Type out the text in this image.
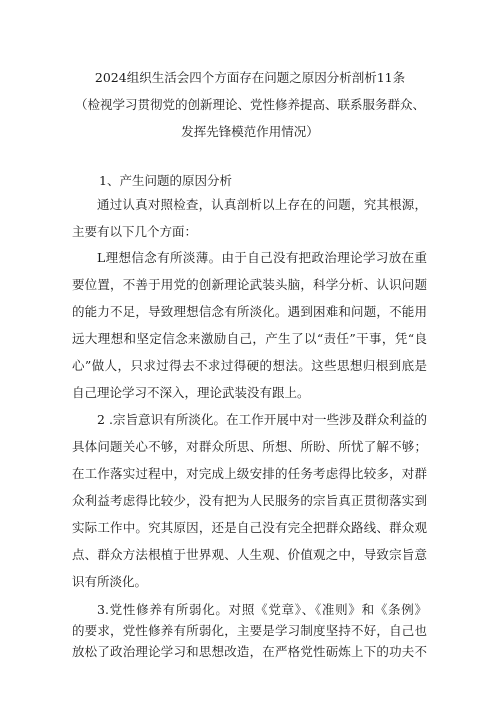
2024组织生活会四个方面存在问题之原因分析剖析11条
（检视学习贯彻党的创新理论、党性修养提高、联系服务群众、
发挥先锋模范作用情况）
1、产生问题的原因分析
通过认真对照检查，认真剖析以上存在的问题，究其根源，
主要有以下几个方面：
L理想信念有所淡薄。由于自己没有把政治理论学习放在重
要位置，不善于用党的创新理论武装头脑，科学分析、认识问题
的能力不足，导致理想信念有所淡化。遇到困难和问题，不能用
远大理想和坚定信念来激励自己，产生了以“责任”干事，凭“良
心”做人，只求过得去不求过得硬的想法。这些思想归根到底是
自己理论学习不深入，理论武装没有跟上。
2 .宗旨意识有所淡化。在工作开展中对一些涉及群众利益的
具体问题关心不够，对群众所思、所想、所盼、所忧了解不够；
在工作落实过程中，对完成上级安排的任务考虑得比较多，对群
众利益考虑得比较少，没有把为人民服务的宗旨真正贯彻落实到
实际工作中。究其原因，还是自己没有完全把群众路线、群众观
点、群众方法根植于世界观、人生观、价值观之中，导致宗旨意
识有所淡化。
3.党性修养有所弱化。对照《党章》、《准则》和《条例》
的要求，党性修养有所弱化，主要是学习制度坚持不好，自己也
放松了政治理论学习和思想改造，在严格党性砺炼上下的功夫不
